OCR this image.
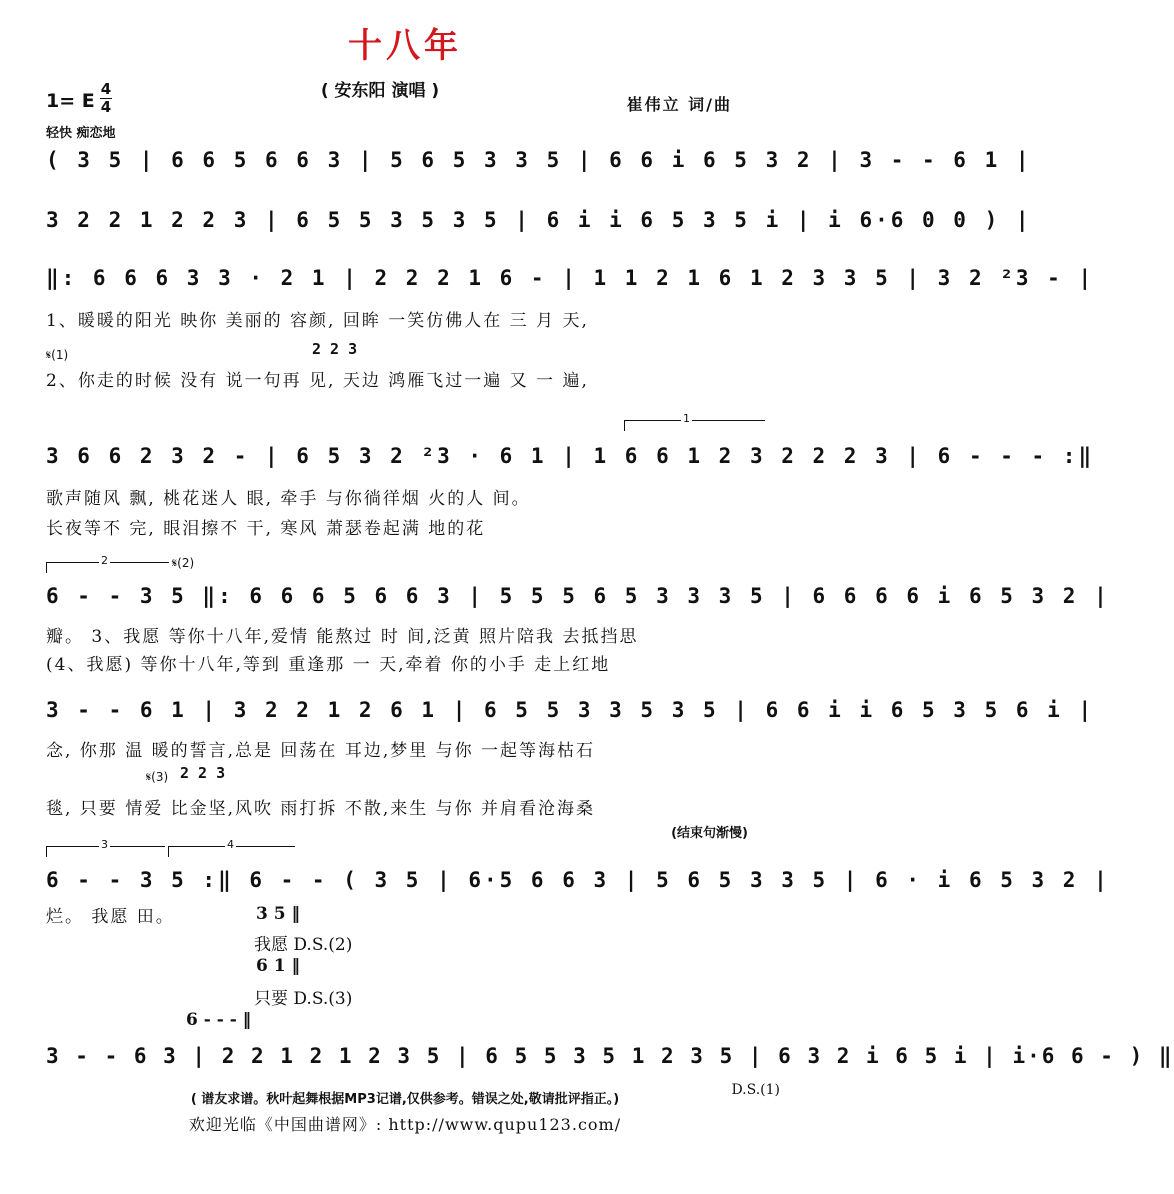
十八年
( 安东阳 演唱 )
崔伟立 词/曲
1= E
4
4
轻快 痴恋地
( 3 5 | 6 6 5 6 6 3 | 5 6 5 3 3 5 | 6 6 i 6 5 3 2 | 3 - - 6 1 |
3 2 2 1 2 2 3 | 6 5 5 3 5 3 5 | 6 i i 6 5 3 5 i | i 6·6 0 0 ) |
‖: 6 6 6 3 3 · 2 1 | 2 2 2 1 6 - | 1 1 2 1 6 1 2 3 3 5 | 3 2 ²3 - |
1、暖暖的阳光 映你 美丽的 容颜, 回眸 一笑仿佛人在 三 月 天,
𝄋(1)	2 2 3
2、你走的时候 没有 说一句再 见, 天边 鸿雁飞过一遍 又 一 遍,
1
3 6 6 2 3 2 - | 6 5 3 2 ²3 · 6 1 | 1 6 6 1 2 3 2 2 2 3 | 6 - - - :‖
歌声随风 飘, 桃花迷人 眼, 牵手 与你徜徉烟 火的人 间。
长夜等不 完, 眼泪擦不 干, 寒风 萧瑟卷起满 地的花
2	𝄋(2)
6 - - 3 5 ‖: 6 6 6 5 6 6 3 | 5 5 5 6 5 3 3 3 5 | 6 6 6 6 i 6 5 3 2 |
瓣。 3、我愿 等你十八年,爱情 能熬过 时 间,泛黄 照片陪我 去抵挡思
(4、我愿) 等你十八年,等到 重逢那 一 天,牵着 你的小手 走上红地
3 - - 6 1 | 3 2 2 1 2 6 1 | 6 5 5 3 3 5 3 5 | 6 6 i i 6 5 3 5 6 i |
念, 你那 温 暖的誓言,总是 回荡在 耳边,梦里 与你 一起等海枯石
𝄋(3) 2 2 3
毯, 只要 情爱 比金坚,风吹 雨打拆 不散,来生 与你 并肩看沧海桑
(结束句渐慢)
3	4
6 - - 3 5 :‖ 6 - - ( 3 5 | 6·5 6 6 3 | 5 6 5 3 3 5 | 6 · i 6 5 3 2 |
烂。 我愿 田。	3 5 ‖
我愿 D.S.(2)
6 1 ‖
只要 D.S.(3)
6 - - - ‖
3 - - 6 3 | 2 2 1 2 1 2 3 5 | 6 5 5 3 5 1 2 3 5 | 6 3 2 i 6 5 i | i·6 6 - ) ‖
D.S.(1)
( 谱友求谱。秋叶起舞根据MP3记谱,仅供参考。错误之处,敬请批评指正。)
欢迎光临《中国曲谱网》: http://www.qupu123.com/
